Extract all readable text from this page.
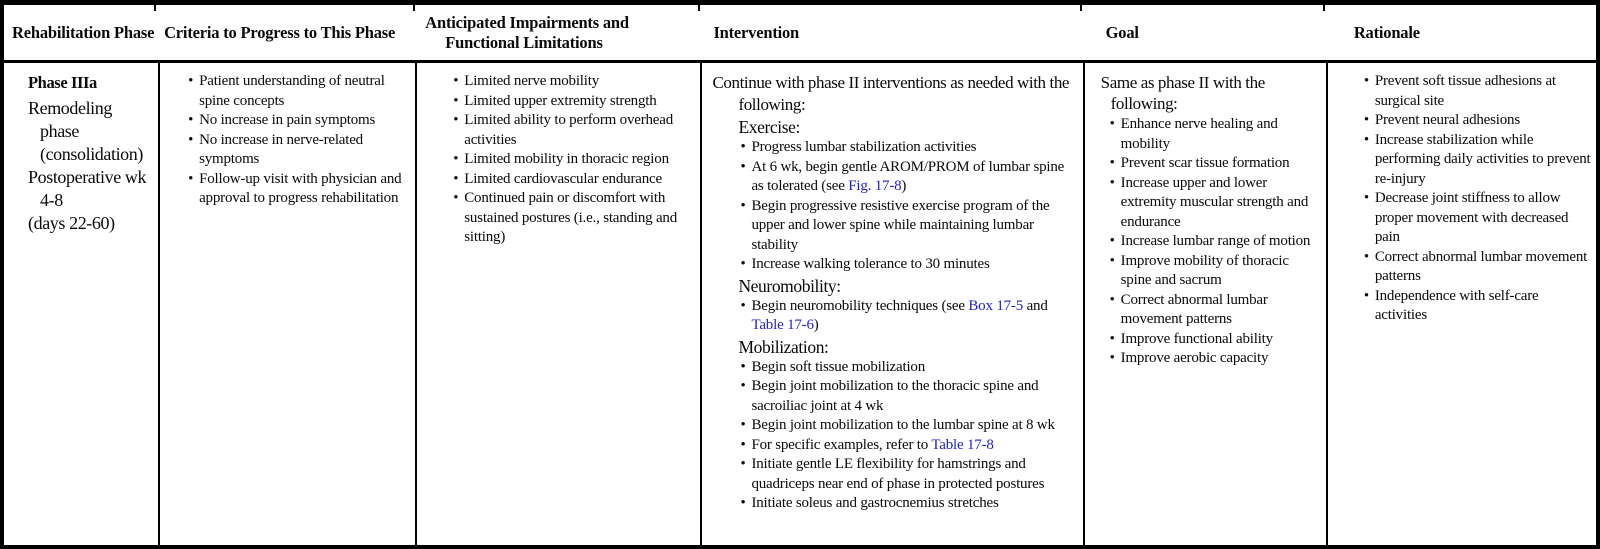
Rehabilitation Phase Criteria to Progress to This Phase
Anticipated Impairments and Functional Limitations
Intervention	Goal	Rationale
Phase IIIa
Remodeling phase (consolidation)
Postoperative wk 4-8
(days 22-60)
• Patient understanding of neutral spine concepts
• No increase in pain symptoms
• No increase in nerve-related symptoms
• Follow-up visit with physician and approval to progress rehabilitation
• Limited nerve mobility
• Limited upper extremity strength
• Limited ability to perform overhead activities
• Limited mobility in thoracic region
• Limited cardiovascular endurance
• Continued pain or discomfort with sustained postures (i.e., standing and sitting)
Continue with phase II interventions as needed with the following:
Exercise:
• Progress lumbar stabilization activities
• At 6 wk, begin gentle AROM/PROM of lumbar spine as tolerated (see Fig. 17-8)
• Begin progressive resistive exercise program of the upper and lower spine while maintaining lumbar stability
• Increase walking tolerance to 30 minutes
Neuromobility:
• Begin neuromobility techniques (see Box 17-5 and Table 17-6)
Mobilization:
• Begin soft tissue mobilization
• Begin joint mobilization to the thoracic spine and sacroiliac joint at 4 wk
• Begin joint mobilization to the lumbar spine at 8 wk
• For specific examples, refer to Table 17-8
• Initiate gentle LE flexibility for hamstrings and quadriceps near end of phase in protected postures
• Initiate soleus and gastrocnemius stretches
Same as phase II with the following:
• Enhance nerve healing and mobility
• Prevent scar tissue formation
• Increase upper and lower extremity muscular strength and endurance
• Increase lumbar range of motion
• Improve mobility of thoracic spine and sacrum
• Correct abnormal lumbar movement patterns
• Improve functional ability
• Improve aerobic capacity
• Prevent soft tissue adhesions at surgical site
• Prevent neural adhesions
• Increase stabilization while performing daily activities to prevent re-injury
• Decrease joint stiffness to allow proper movement with decreased pain
• Correct abnormal lumbar movement patterns
• Independence with self-care activities
